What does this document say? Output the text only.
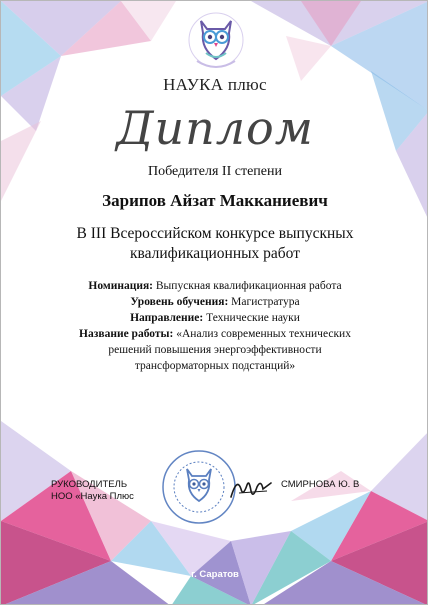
НАУКА плюс
Диплом
Победителя II степени
Зарипов Айзат Макканиевич
В III Всероссийском конкурсе выпускных
квалификационных работ
Номинация: Выпускная квалификационная работа
Уровень обучения: Магистратура
Направление: Технические науки
Название работы: «Анализ современных технических
решений повышения энергоэффективности
трансформаторных подстанций»
РУКОВОДИТЕЛЬ
НОО «Наука Плюс
СМИРНОВА Ю. В
г. Саратов
